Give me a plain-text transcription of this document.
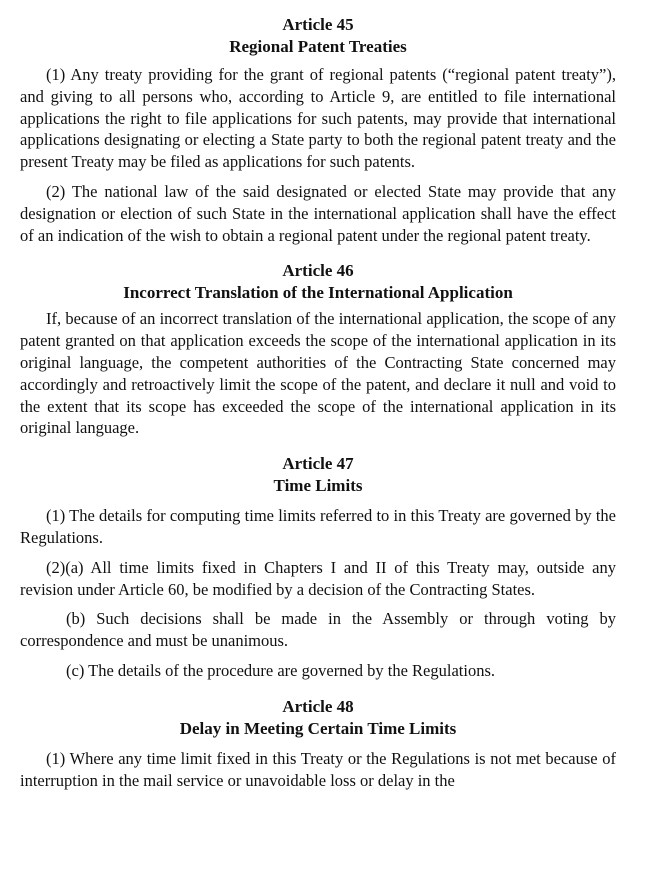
Article 45
Regional Patent Treaties

(1) Any treaty providing for the grant of regional patents (“regional patent treaty”), and giving to all persons who, according to Article 9, are entitled to file international applications the right to file applications for such patents, may provide that international applications designating or electing a State party to both the regional patent treaty and the present Treaty may be filed as applications for such patents.

(2) The national law of the said designated or elected State may provide that any designation or election of such State in the international application shall have the effect of an indication of the wish to obtain a regional patent under the regional patent treaty.

Article 46
Incorrect Translation of the International Application

If, because of an incorrect translation of the international application, the scope of any patent granted on that application exceeds the scope of the international application in its original language, the competent authorities of the Contracting State concerned may accordingly and retroactively limit the scope of the patent, and declare it null and void to the extent that its scope has exceeded the scope of the international application in its original language.

Article 47
Time Limits

(1) The details for computing time limits referred to in this Treaty are governed by the Regulations.

(2)(a) All time limits fixed in Chapters I and II of this Treaty may, outside any revision under Article 60, be modified by a decision of the Contracting States.

(b) Such decisions shall be made in the Assembly or through voting by correspondence and must be unanimous.

(c) The details of the procedure are governed by the Regulations.

Article 48
Delay in Meeting Certain Time Limits

(1) Where any time limit fixed in this Treaty or the Regulations is not met because of interruption in the mail service or unavoidable loss or delay in the
